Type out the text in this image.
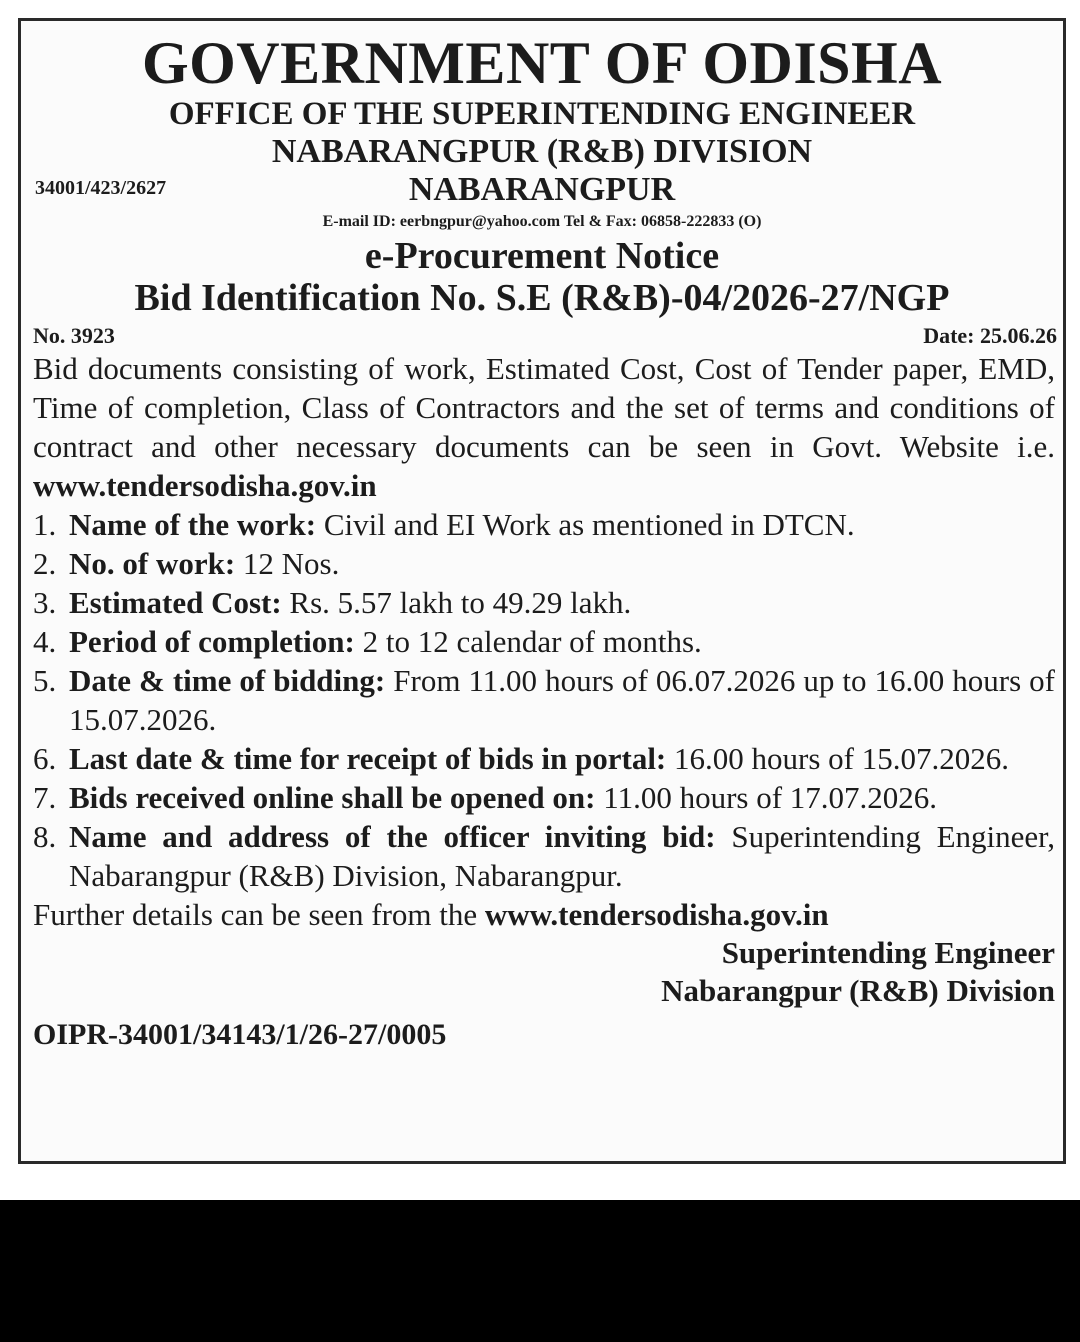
GOVERNMENT OF ODISHA
OFFICE OF THE SUPERINTENDING ENGINEER
NABARANGPUR (R&B) DIVISION
34001/423/2627	NABARANGPUR
E-mail ID: eerbngpur@yahoo.com Tel & Fax: 06858-222833 (O)
e-Procurement Notice
Bid Identification No. S.E (R&B)-04/2026-27/NGP
No. 3923	Date: 25.06.26
Bid documents consisting of work, Estimated Cost, Cost of Tender paper, EMD, Time of completion, Class of Contractors and the set of terms and conditions of contract and other necessary documents can be seen in Govt. Website i.e. www.tendersodisha.gov.in
1. Name of the work: Civil and EI Work as mentioned in DTCN.
2. No. of work: 12 Nos.
3. Estimated Cost: Rs. 5.57 lakh to 49.29 lakh.
4. Period of completion: 2 to 12 calendar of months.
5. Date & time of bidding: From 11.00 hours of 06.07.2026 up to 16.00 hours of 15.07.2026.
6. Last date & time for receipt of bids in portal: 16.00 hours of 15.07.2026.
7. Bids received online shall be opened on: 11.00 hours of 17.07.2026.
8. Name and address of the officer inviting bid: Superintending Engineer, Nabarangpur (R&B) Division, Nabarangpur.
Further details can be seen from the www.tendersodisha.gov.in
Superintending Engineer
Nabarangpur (R&B) Division
OIPR-34001/34143/1/26-27/0005
